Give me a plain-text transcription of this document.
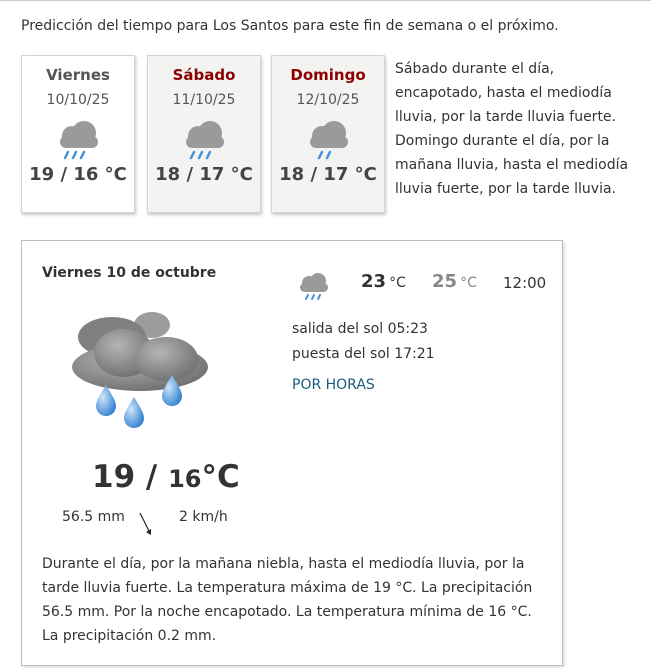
Predicción del tiempo para Los Santos para este fin de semana o el próximo.
Viernes
10/10/25
19 / 16 °C
Sábado
11/10/25
18 / 17 °C
Domingo
12/10/25
18 / 17 °C
Sábado durante el día, encapotado, hasta el mediodía lluvia, por la tarde lluvia fuerte. Domingo durante el día, por la mañana lluvia, hasta el mediodía lluvia fuerte, por la tarde lluvia.
Viernes 10 de octubre
19 / 16°C
56.5 mm	2 km/h
23 °C 25 °C 12:00
salida del sol 05:23
puesta del sol 17:21
POR HORAS
Durante el día, por la mañana niebla, hasta el mediodía lluvia, por la tarde lluvia fuerte. La temperatura máxima de 19 °C. La precipitación 56.5 mm. Por la noche encapotado. La temperatura mínima de 16 °C. La precipitación 0.2 mm.
